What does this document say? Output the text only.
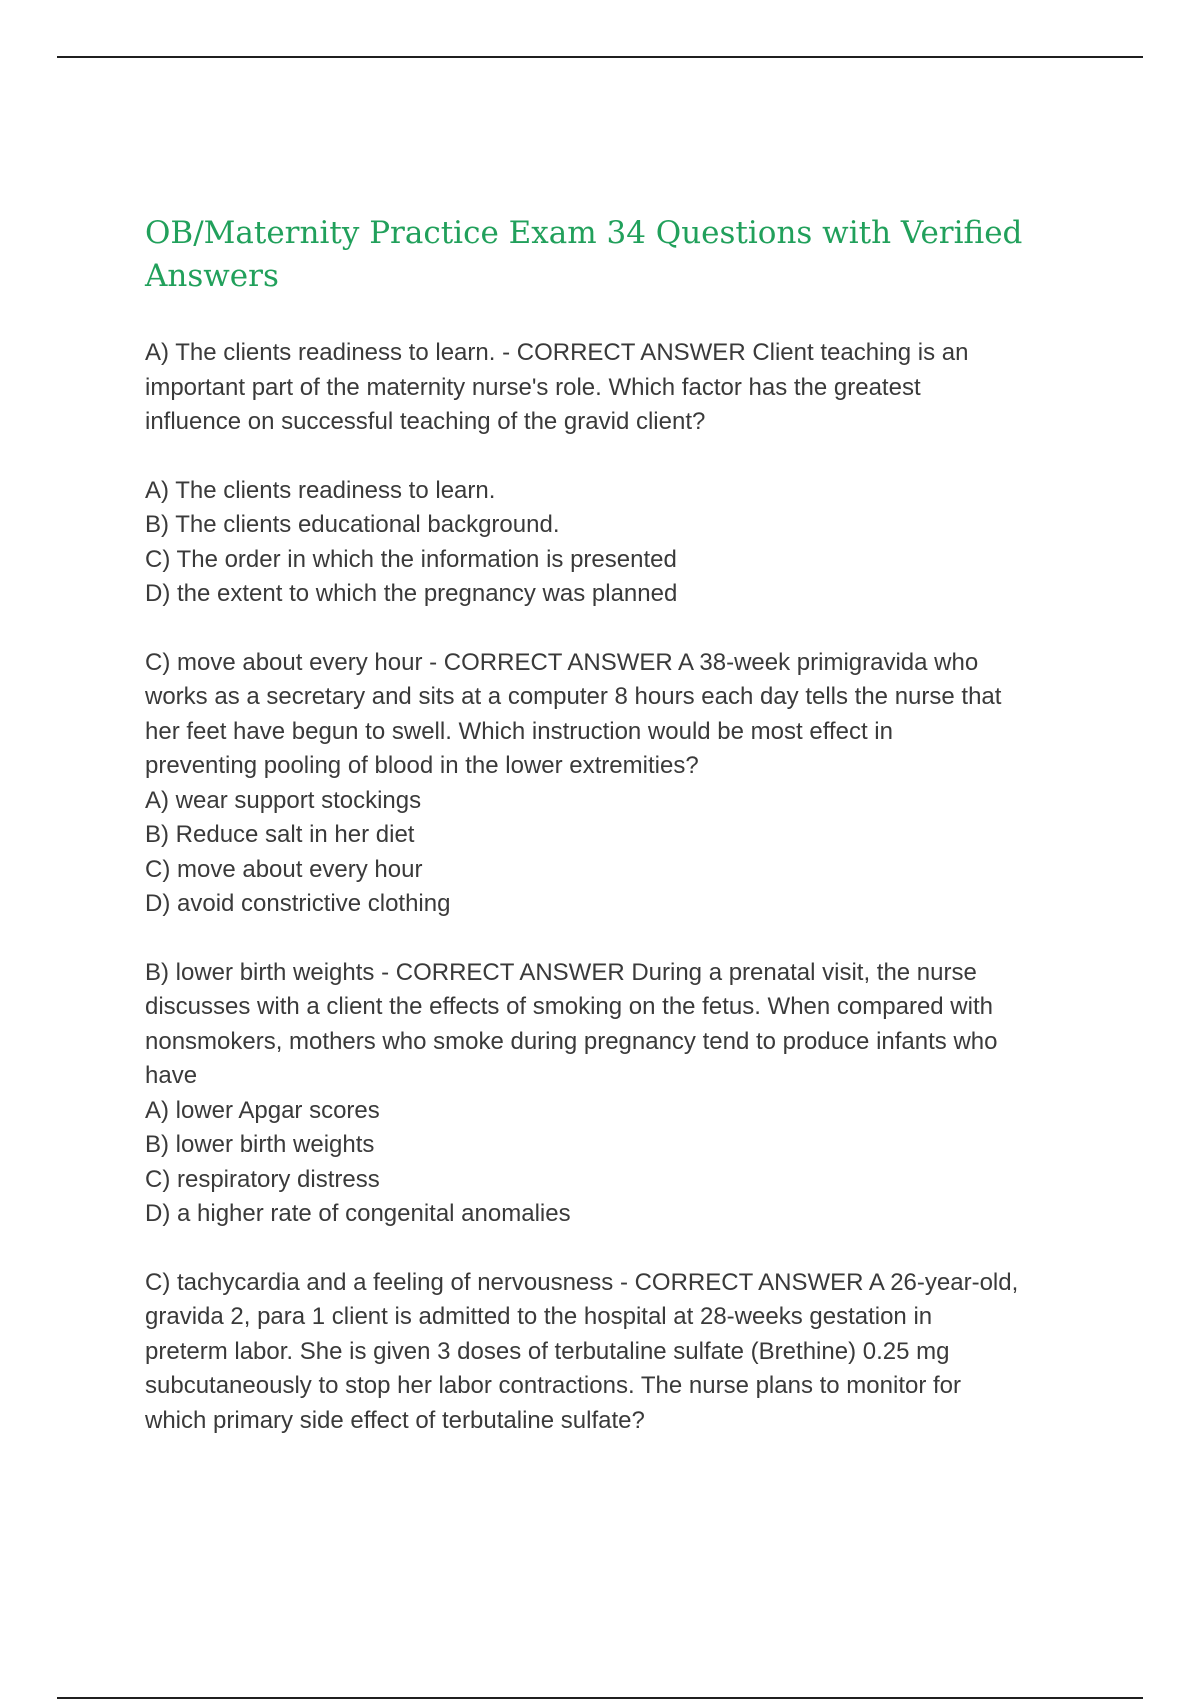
OB/Maternity Practice Exam 34 Questions with Verified
Answers
A) The clients readiness to learn. - CORRECT ANSWER Client teaching is an
important part of the maternity nurse's role. Which factor has the greatest
influence on successful teaching of the gravid client?
A) The clients readiness to learn.
B) The clients educational background.
C) The order in which the information is presented
D) the extent to which the pregnancy was planned
C) move about every hour - CORRECT ANSWER A 38-week primigravida who
works as a secretary and sits at a computer 8 hours each day tells the nurse that
her feet have begun to swell. Which instruction would be most effect in
preventing pooling of blood in the lower extremities?
A) wear support stockings
B) Reduce salt in her diet
C) move about every hour
D) avoid constrictive clothing
B) lower birth weights - CORRECT ANSWER During a prenatal visit, the nurse
discusses with a client the effects of smoking on the fetus. When compared with
nonsmokers, mothers who smoke during pregnancy tend to produce infants who
have
A) lower Apgar scores
B) lower birth weights
C) respiratory distress
D) a higher rate of congenital anomalies
C) tachycardia and a feeling of nervousness - CORRECT ANSWER A 26-year-old,
gravida 2, para 1 client is admitted to the hospital at 28-weeks gestation in
preterm labor. She is given 3 doses of terbutaline sulfate (Brethine) 0.25 mg
subcutaneously to stop her labor contractions. The nurse plans to monitor for
which primary side effect of terbutaline sulfate?
